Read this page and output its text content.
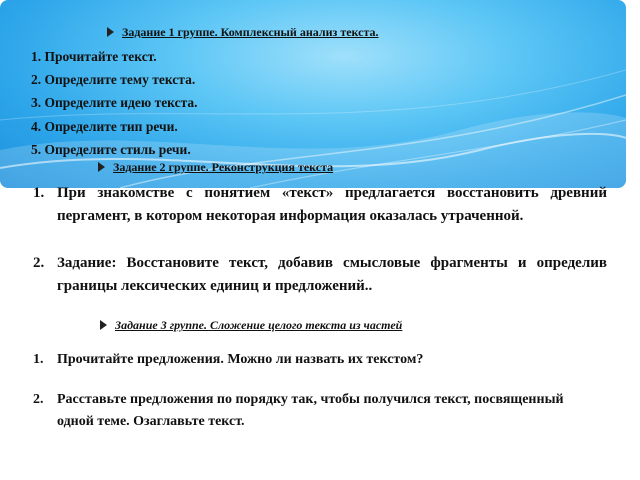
Задание 1 группе. Комплексный анализ текста.
1. Прочитайте текст.
2. Определите тему текста.
3. Определите идею текста.
4. Определите тип речи.
5. Определите стиль речи.
Задание 2 группе. Реконструкция текста
1. При знакомстве с понятием «текст» предлагается восстановить древний пергамент, в котором некоторая информация оказалась утраченной.
2. Задание: Восстановите текст, добавив смысловые фрагменты и определив границы лексических единиц и предложений..
Задание 3 группе. Сложение целого текста из частей
1. Прочитайте предложения. Можно ли назвать их текстом?
2. Расставьте предложения по порядку так, чтобы получился текст, посвященный одной теме. Озаглавьте текст.
